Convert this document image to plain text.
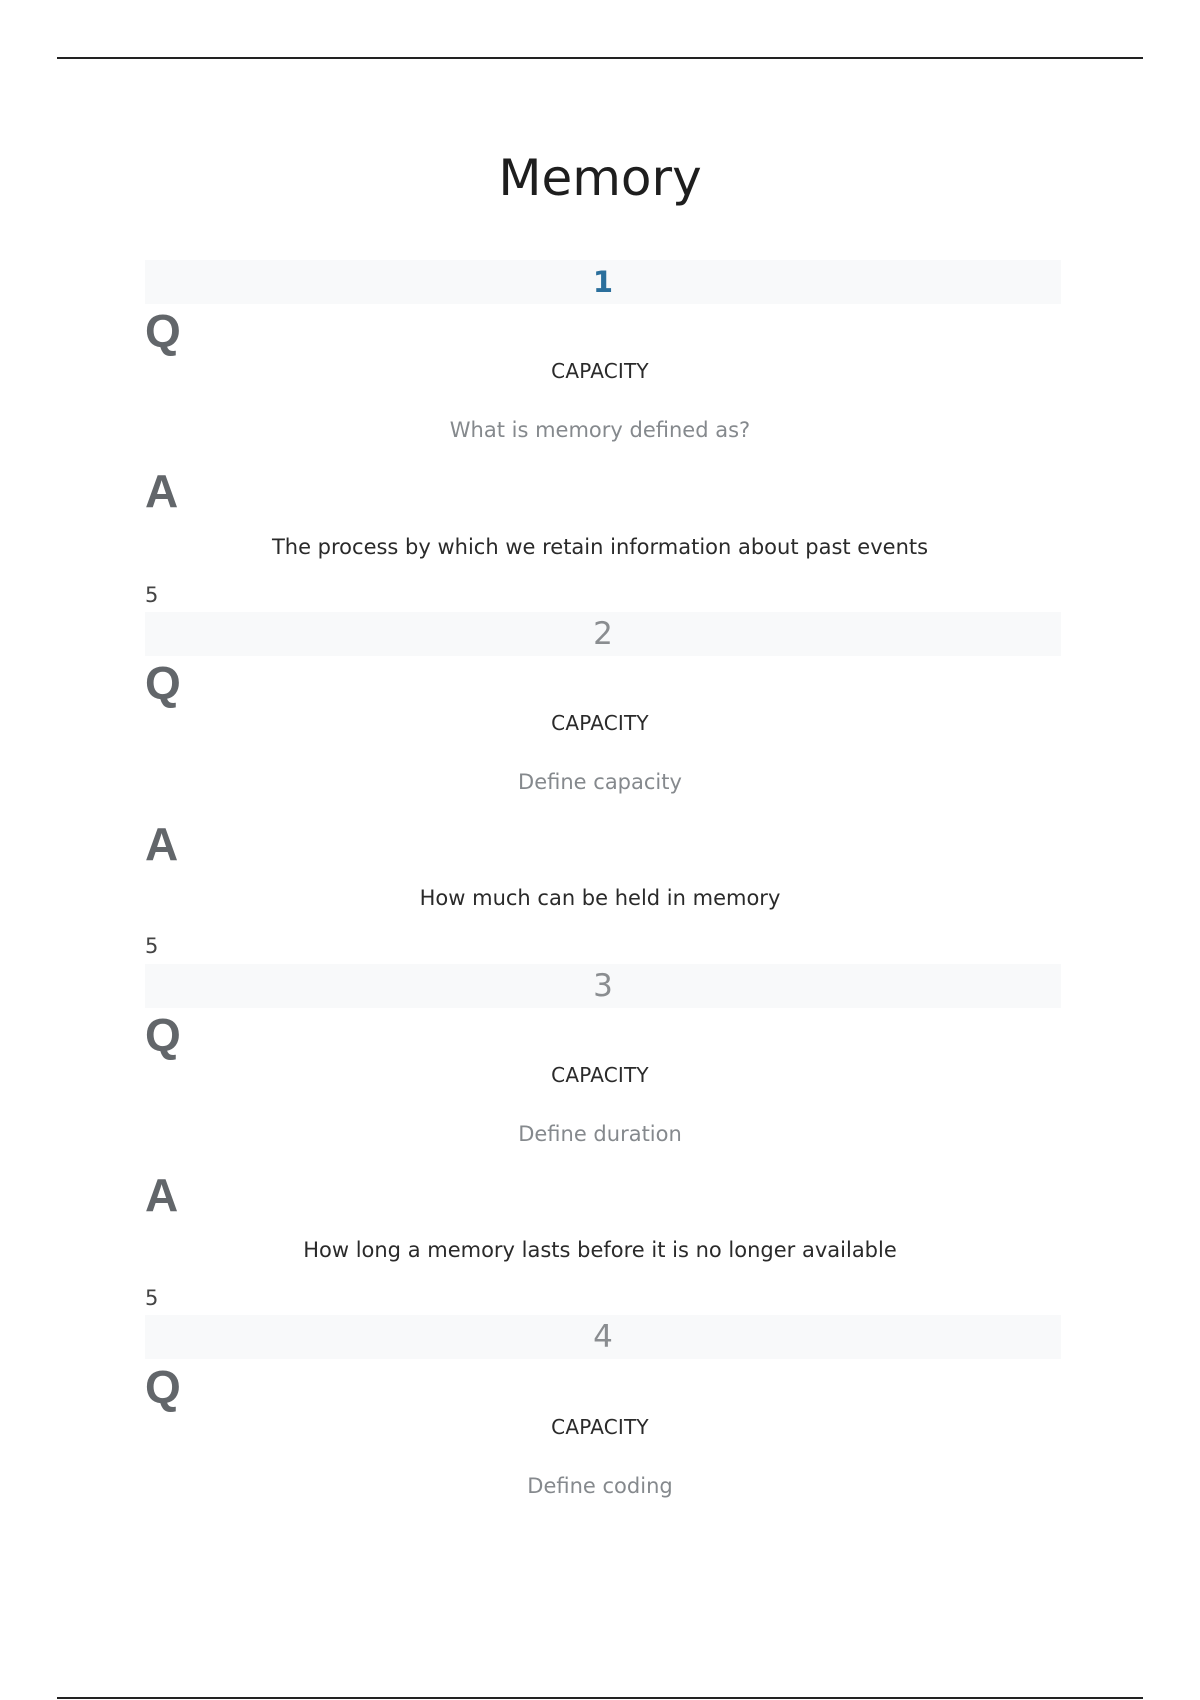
Memory
1
Q
CAPACITY
What is memory defined as?
A
The process by which we retain information about past events
5
2
Q
CAPACITY
Define capacity
A
How much can be held in memory
5
3
Q
CAPACITY
Define duration
A
How long a memory lasts before it is no longer available
5
4
Q
CAPACITY
Define coding
